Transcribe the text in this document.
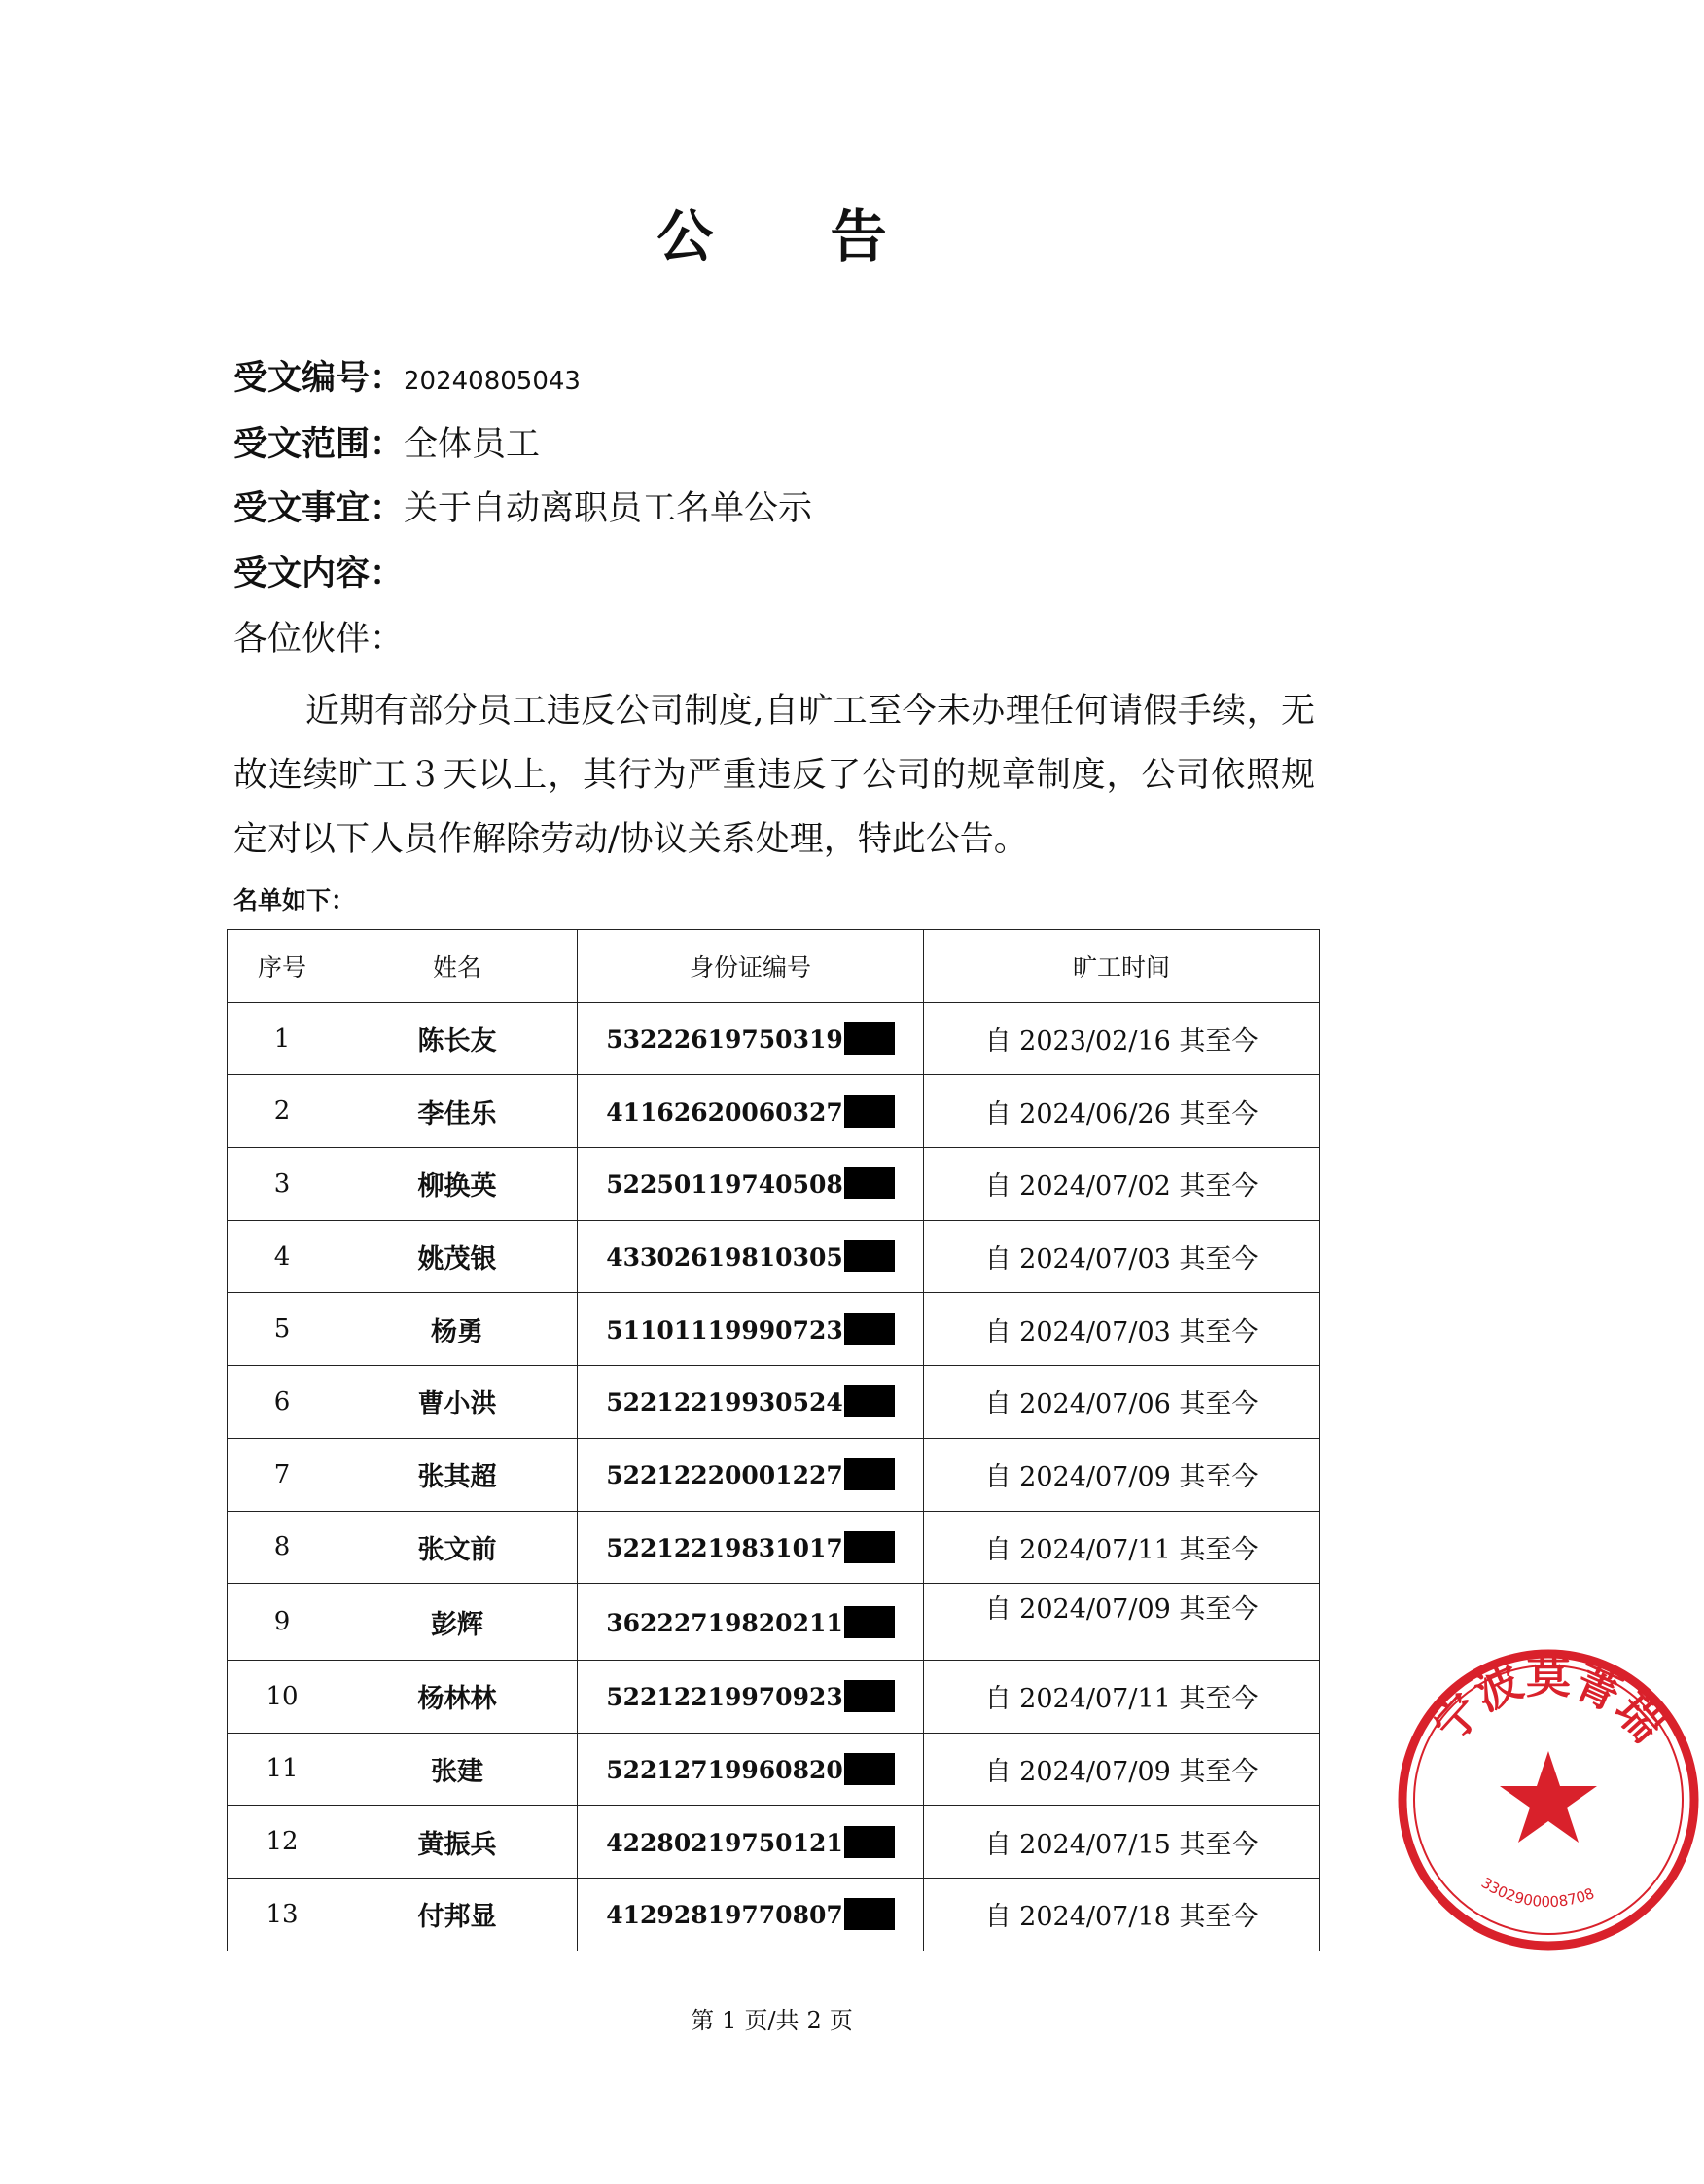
公 告
受文编号：20240805043
受文范围：全体员工
受文事宜：关于自动离职员工名单公示
受文内容：
各位伙伴：
近期有部分员工违反公司制度,自旷工至今未办理任何请假手续，无故连续旷工３天以上，其行为严重违反了公司的规章制度，公司依照规定对以下人员作解除劳动/协议关系处理，特此公告。
名单如下：
序号	姓名	身份证编号	旷工时间
1	陈长友	53222619750319	自 2023/02/16 其至今
2	李佳乐	41162620060327	自 2024/06/26 其至今
3	柳换英	52250119740508	自 2024/07/02 其至今
4	姚茂银	43302619810305	自 2024/07/03 其至今
5	杨勇	51101119990723	自 2024/07/03 其至今
6	曹小洪	52212219930524	自 2024/07/06 其至今
7	张其超	52212220001227	自 2024/07/09 其至今
8	张文前	52212219831017	自 2024/07/11 其至今
9	彭辉	36222719820211	自 2024/07/09 其至今
10	杨林林	52212219970923	自 2024/07/11 其至今
11	张建	52212719960820	自 2024/07/09 其至今
12	黄振兵	42280219750121	自 2024/07/15 其至今
13	付邦显	41292819770807	自 2024/07/18 其至今
第 1 页/共 2 页
宁波莫菁瑞
3302900008708
